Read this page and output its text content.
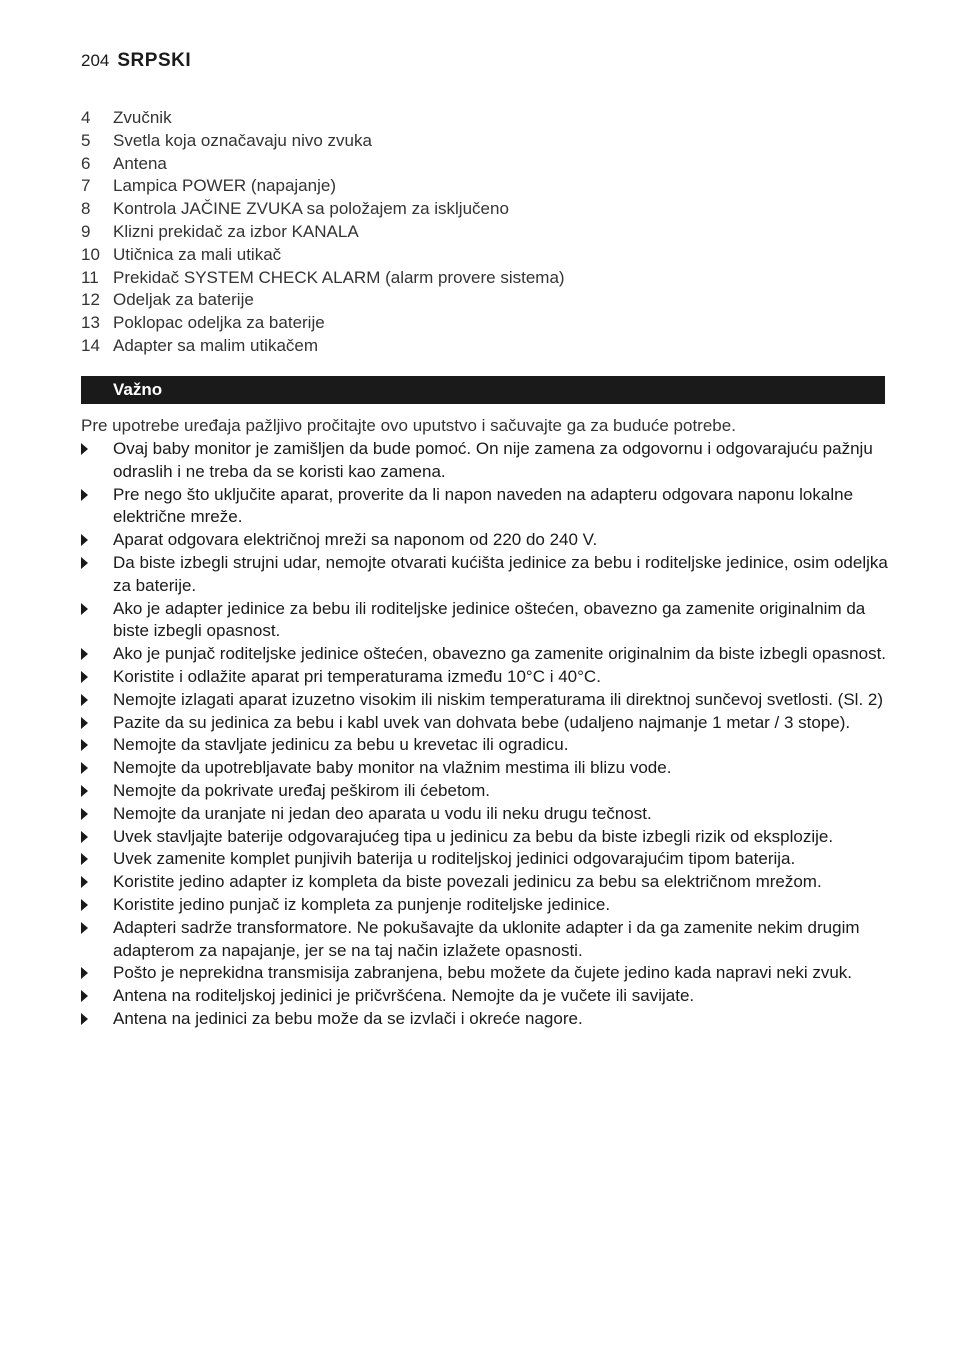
204 SRPSKI
4	Zvučnik
5	Svetla koja označavaju nivo zvuka
6	Antena
7	Lampica POWER (napajanje)
8	Kontrola JAČINE ZVUKA sa položajem za isključeno
9	Klizni prekidač za izbor KANALA
10 Utičnica za mali utikač
11 Prekidač SYSTEM CHECK ALARM (alarm provere sistema)
12 Odeljak za baterije
13 Poklopac odeljka za baterije
14 Adapter sa malim utikačem
Važno

Pre upotrebe uređaja pažljivo pročitajte ovo uputstvo i sačuvajte ga za buduće potrebe.

Ovaj baby monitor je zamišljen da bude pomoć. On nije zamena za odgovornu i odgovarajuću pažnju odraslih i ne treba da se koristi kao zamena.
Pre nego što uključite aparat, proverite da li napon naveden na adapteru odgovara naponu lokalne električne mreže.
Aparat odgovara električnoj mreži sa naponom od 220 do 240 V.
Da biste izbegli strujni udar, nemojte otvarati kućišta jedinice za bebu i roditeljske jedinice, osim odeljka za baterije.
Ako je adapter jedinice za bebu ili roditeljske jedinice oštećen, obavezno ga zamenite originalnim da biste izbegli opasnost.
Ako je punjač roditeljske jedinice oštećen, obavezno ga zamenite originalnim da biste izbegli opasnost.
Koristite i odlažite aparat pri temperaturama između 10°C i 40°C.
Nemojte izlagati aparat izuzetno visokim ili niskim temperaturama ili direktnoj sunčevoj svetlosti. (Sl. 2)
Pazite da su jedinica za bebu i kabl uvek van dohvata bebe (udaljeno najmanje 1 metar / 3 stope).
Nemojte da stavljate jedinicu za bebu u krevetac ili ogradicu.
Nemojte da upotrebljavate baby monitor na vlažnim mestima ili blizu vode.
Nemojte da pokrivate uređaj peškirom ili ćebetom.
Nemojte da uranjate ni jedan deo aparata u vodu ili neku drugu tečnost.
Uvek stavljajte baterije odgovarajućeg tipa u jedinicu za bebu da biste izbegli rizik od eksplozije.
Uvek zamenite komplet punjivih baterija u roditeljskoj jedinici odgovarajućim tipom baterija.
Koristite jedino adapter iz kompleta da biste povezali jedinicu za bebu sa električnom mrežom.
Koristite jedino punjač iz kompleta za punjenje roditeljske jedinice.
Adapteri sadrže transformatore. Ne pokušavajte da uklonite adapter i da ga zamenite nekim drugim adapterom za napajanje, jer se na taj način izlažete opasnosti.
Pošto je neprekidna transmisija zabranjena, bebu možete da čujete jedino kada napravi neki zvuk.
Antena na roditeljskoj jedinici je pričvršćena. Nemojte da je vučete ili savijate.
Antena na jedinici za bebu može da se izvlači i okreće nagore.
